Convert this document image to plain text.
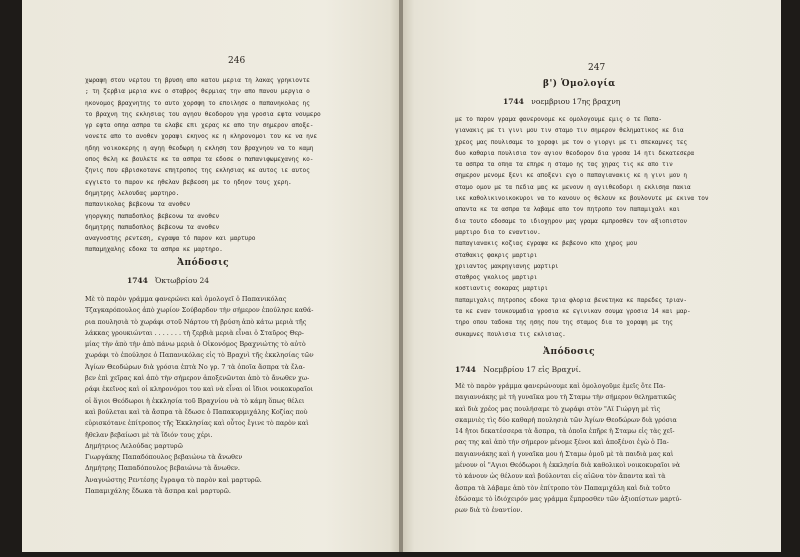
246
χωραφη στου νερτου τη βρυση απο κατου μερια τη λακας γρηκιοντε
; τη ζερβια μερια κνε ο σταβρος θερμιας την απο πανου μεργια ο
ηκονομος βραχνητης το αυτο χορσφη το εποιλησε ο παπανηκολας ης
το βραχνη της εκλησιας του αγηου θεοδορου γηα γροσια εφτα νουμερο
γρ εφτα οπηα ασπρα τα ελαβε επι χερας κε απο την σημερον αποξε-
νονετε απο το ανοθεν χοραφι εκηνος κε η κληρονομοι του κε να ηνε
ηδηη νοικοκερης η αγηη θεοδωρη η εκληση του βραχνηου να το καμη
οπος θελη κε βουλετε κε τα ασπρα τα εδοσε ο παπανιφωμεχανης κο-
ζηνις που εβρισκοτανε επητροπος της εκλησιας κε αυτος ιε αυτος
εγγιετο το παρον κε ηθελαν βεβεοση με το ηδηον τους χερη.
δημητρης λελουδας μαρτηρο.
παπανικολας βεβεονω τα ανοθεν
γηοργκης παπαδοπλος βεβεονω τα ανοθεν
δημητρης παπαδοπλος βεβεονω τα ανοθεν
αναγνοστης ρεντεση, εγραψα τό παρον και μαρτυρο
παπαμηχαλης εδοκα τα ασπρα κε μαρτηρο.
Ἀπόδοσις
1744 Ὀκτωβρίου 24
Μὲ τὸ παρὸν γράμμα φανερώνει καὶ ὁμολογεῖ ὁ Παπανικόλας
Τζαγκαρόπουλος ἀπὸ χωρίον Σούβαρδον τὴν σήμερον ἐπούλησε καθά-
ρια πουλησιὰ τὸ χωράφι στοῦ Νάρτου τὴ βρύση ἀπὸ κάτω μεριὰ τῆς
λάκκας γρουκιώνται . . . . . . . τὴ ζερβιὰ μεριὰ εἶναι ὁ Σταῦρος Θερ-
μίας τὴν ἀπὸ τὴν ἀπὸ πάνω μεριὰ ὁ Οἰκονόμος Βραχνιώτης τὸ αὐτὸ
χωράφι τὸ ἐπούλησε ὁ Παπανικόλας εἰς τὸ Βραχνὶ τῆς ἐκκλησίας τῶν
Ἁγίων Θεοδώρων διὰ γρόσια ἑπτὰ Νο γρ. 7 τὰ ὁποῖα ἄσπρα τὰ ἔλα-
βεν ἐπὶ χεῖρας καὶ ἀπὸ τὴν σήμερον ἀποξενῶνται ἀπὸ τὸ ἄνωθεν χω-
ράφι ἐκεῖνος καὶ οἱ κληρονόμοι του καὶ νὰ εἶναι οἱ ἴδιοι νοικοκυραῖοι
οἱ ἅγιοι Θεόδωροι ἡ ἐκκλησία τοῦ Βραχνίου νὰ τὸ κάμη ὅπως θέλει
καὶ βούλεται καὶ τὰ ἄσπρα τὰ ἔδωσε ὁ Παπακυρμιχάλης Κοζίας ποὺ
εὑρισκότανε ἐπίτροπος τῆς Ἐκκλησίας καὶ οὗτος ἔγινε τὸ παρὸν καὶ
ἤθελαν βεβαίωσι μὲ τὰ ἴδιόν τους χέρι.
Δημήτριος Λελούδας μαρτυρῶ
Γιωργάκης Παπαδόπουλος βεβαιώνω τὰ ἄνωθεν
Δημήτρης Παπαδόπουλος βεβαιώνω τὰ ἄνωθεν.
Ἀναγνώστης Ρεντέσης ἔγραψα τὸ παρὸν καὶ μαρτυρῶ.
Παπαμιχάλης ἔδωκα τὰ ἄσπρα καὶ μαρτυρῶ.
247
β') Ὁμολογία
1744 νοεμβριου 17ης βραχνη
με το παρον γραμα φανερονομε κε ομολογουμε εμις ο τε Παπα-
γιανακις με τι γινι μου τιν σταμο τιν σημερον θεληματικος κε δια
χρεος μας πουλισαμε το χοραφι με τον ο γιοργι με τι σπεκαμνες τες
δυο καθαρια πουλισια τον αγιον θεοδορον δια γροσα 14 ητι δεκατεσερα
τα ασπρα τα οπηα τα επηρε η σταμο ης τας χηρας τις κε απο τιν
σημερον μενομε ξενι κε αποξενι εγο ο παπαγιανακις κε η γινι μου η
σταμο ομου με τα πεδια μας κε μενουν η αγιιθεοδορι η εκλισηα πακια
ικε καθολικινοικοκυροι να το κανουν ος θελουν κε βουλονυτε με εκινα τον
απαντα κε τα ασπρα τα λαβαμε απο τον πητροπο τον παπαμιχαλι και
δια τουτο εδοσαμε το ιδιοχηρον μας γραμα εμπροσθεν τον αξιοπιστον
μαρτιρο δια το εναντιον.
παπαγιανακις κοζιας εγραψα κε βεβεονο κπο χηρος μου
σταθακις φακρις μαρτιρι
χριιαντος μακρηγιανης μαρτιρι
σταθρος γκολιος μαρτιρι
κοστιαντις σοκαρας μαρτιρι
παπαμιχαλις πητροπος εδοκα τρια φλορια βενετηκα κε παρεδες τριαν-
τα κε εναν τουκουμαδια γροσια κε εγινικαν σουμα γροσια 14 και μαρ-
τηρο οπου ταδοκα της ησης που της σταμος δια το χοραφη με της
συκαμνες πουλισια τις εκλισιας.
Ἀπόδοσις
1744 Νοεμβρίου 17 εἰς Βραχνί.
Μὲ τὸ παρὸν γράμμα φανερώνουμε καὶ ὁμολογοῦμε ἐμεῖς ὅτε Πα-
παγιαννάκης μὲ τὴ γυναῖκα μου τὴ Σταμω τὴν σήμερον θεληματικῶς
καὶ διὰ χρέος μας πουλήσαμε τὸ χωράφι στὸν "Αϊ Γιώργη μὲ τὶς
σκαμνιὲς τὶς δύο καθαρὴ πουλησιὰ τῶν Ἁγίων Θεοδώρων διὰ γρόσια
14 ἤτοι δεκατέσσερα τὰ ἄσπρα, τὰ ὁποῖα ἐπῆρε ἡ Σταμω εἰς τὰς χεῖ-
ρας της καὶ ἀπὸ τὴν σήμερον μένομε ξένοι καὶ ἀποξένοι ἐγὼ ὁ Πα-
παγιαννάκης καὶ ἡ γυναῖκα μου ἡ Σταμω ὁμοῦ μὲ τὰ παιδιὰ μας καὶ
μένουν οἱ "Αγιοι Θεόδωροι ἡ ἐκκλησία διὰ καθολικοὶ νοικοκυραῖοι νὰ
τὸ κάνουν ὡς θέλουν καὶ βούλονται εἰς αἰῶνα τὸν ἅπαντα καὶ τὰ
ἄσπρα τὰ λάβαμε ἀπὸ τὸν ἐπίτροπο τὸν Παπαμιχάλη καὶ διὰ τοῦτο
ἐδώσαμε τὸ ἰδιόχειρόν μας γράμμα ἔμπροσθεν τῶν ἀξιοπίστων μαρτύ-
ρων διὰ τὸ ἐναντίον.
